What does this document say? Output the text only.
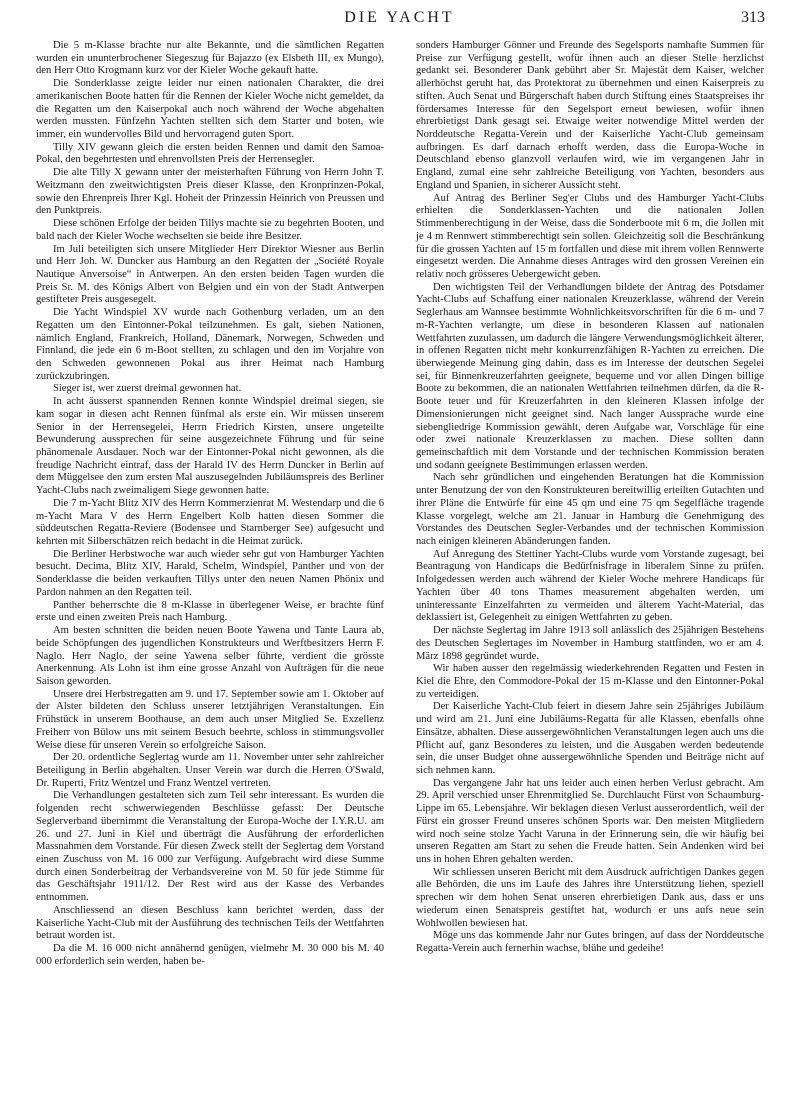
DIE YACHT	313

Die 5 m-Klasse brachte nur alte Bekannte, und die sämtlichen Regatten wurden ein ununterbrochener Siegeszug für Bajazzo (ex Elsbeth III, ex Mungo), den Herr Otto Krogmann kurz vor der Kieler Woche gekauft hatte.

Die Sonderklasse zeigte leider nur einen nationalen Charakter, die drei amerikanischen Boote hatten für die Rennen der Kieler Woche nicht gemeldet, da die Regatten um den Kaiserpokal auch noch während der Woche abgehalten werden mussten. Fünfzehn Yachten stellten sich dem Starter und boten, wie immer, ein wundervolles Bild und hervorragend guten Sport.

Tilly XIV gewann gleich die ersten beiden Rennen und damit den Samoa-Pokal, den begehrtesten und ehrenvollsten Preis der Herrensegler.

Die alte Tilly X gewann unter der meisterhaften Führung von Herrn John T. Weitzmann den zweitwichtigsten Preis dieser Klasse, den Kronprinzen-Pokal, sowie den Ehrenpreis Ihrer Kgl. Hoheit der Prinzessin Heinrich von Preussen und den Punktpreis.

Diese schönen Erfolge der beiden Tillys machte sie zu begehrten Booten, und bald nach der Kieler Woche wechselten sie beide ihre Besitzer.

Im Juli beteiligten sich unsere Mitglieder Herr Direktor Wiesner aus Berlin und Herr Joh. W. Duncker aus Hamburg an den Regatten der „Société Royale Nautique Anversoise“ in Antwerpen. An den ersten beiden Tagen wurden die Preis Sr. M. des Königs Albert von Belgien und ein von der Stadt Antwerpen gestifteter Preis ausgesegelt.

Die Yacht Windspiel XV wurde nach Gothenburg verladen, um an den Regatten um den Eintonner-Pokal teilzunehmen. Es galt, sieben Nationen, nämlich England, Frankreich, Holland, Dänemark, Norwegen, Schweden und Finnland, die jede ein 6 m-Boot stellten, zu schlagen und den im Vorjahre von den Schweden gewonnenen Pokal aus ihrer Heimat nach Hamburg zurückzubringen.

Sieger ist, wer zuerst dreimal gewonnen hat.

In acht äusserst spannenden Rennen konnte Windspiel dreimal siegen, sie kam sogar in diesen acht Rennen fünfmal als erste ein. Wir müssen unserem Senior in der Herrensegelei, Herrn Friedrich Kirsten, unsere ungeteilte Bewunderung aussprechen für seine ausgezeichnete Führung und für seine phänomenale Ausdauer. Noch war der Eintonner-Pokal nicht gewonnen, als die freudige Nachricht eintraf, dass der Harald IV des Herrn Duncker in Berlin auf dem Müggelsee den zum ersten Mal auszusegelnden Jubiläumspreis des Berliner Yacht-Clubs nach zweimaligem Siege gewonnen hatte.

Die 7 m-Yacht Blitz XIV des Herrn Kommerzienrat M. Westendarp und die 6 m-Yacht Mara V des Herrn Engelbert Kolb hatten diesen Sommer die süddeutschen Regatta-Reviere (Bodensee und Starnberger See) aufgesucht und kehrten mit Silberschätzen reich bedacht in die Heimat zurück.

Die Berliner Herbstwoche war auch wieder sehr gut von Hamburger Yachten besucht. Decima, Blitz XIV, Harald, Schelm, Windspiel, Panther und von der Sonderklasse die beiden verkauften Tillys unter den neuen Namen Phönix und Pardon nahmen an den Regatten teil.

Panther beherrschte die 8 m-Klasse in überlegener Weise, er brachte fünf erste und einen zweiten Preis nach Hamburg.

Am besten schnitten die beiden neuen Boote Yawena und Tante Laura ab, beide Schöpfungen des jugendlichen Konstrukteurs und Werftbesitzers Herrn F. Naglo. Herr Naglo, der seine Yawena selber führte, verdient die grösste Anerkennung. Als Lohn ist ihm eine grosse Anzahl von Aufträgen für die neue Saison geworden.

Unsere drei Herbstregatten am 9. und 17. September sowie am 1. Oktober auf der Alster bildeten den Schluss unserer letztjährigen Veranstaltungen. Ein Frühstück in unserem Boothause, an dem auch unser Mitglied Se. Exzellenz Freiherr von Bülow uns mit seinem Besuch beehrte, schloss in stimmungsvoller Weise diese für unseren Verein so erfolgreiche Saison.

Der 20. ordentliche Seglertag wurde am 11. November unter sehr zahlreicher Beteiligung in Berlin abgehalten. Unser Verein war durch die Herren O'Swald, Dr. Ruperti, Fritz Wentzel und Franz Wentzel vertreten.

Die Verhandlungen gestalteten sich zum Teil sehr interessant. Es wurden die folgenden recht schwerwiegenden Beschlüsse gefasst: Der Deutsche Seglerverband übernimmt die Veranstaltung der Europa-Woche der I.Y.R.U. am 26. und 27. Juni in Kiel und überträgt die Ausführung der erforderlichen Massnahmen dem Vorstande. Für diesen Zweck stellt der Seglertag dem Vorstand einen Zuschuss von M. 16 000 zur Verfügung. Aufgebracht wird diese Summe durch einen Sonderbeitrag der Verbandsvereine von M. 50 für jede Stimme für das Geschäftsjahr 1911/12. Der Rest wird aus der Kasse des Verbandes entnommen.

Anschliessend an diesen Beschluss kann berichtet werden, dass der Kaiserliche Yacht-Club mit der Ausführung des technischen Teils der Wettfahrten betraut worden ist.

Da die M. 16 000 nicht annähernd genügen, vielmehr M. 30 000 bis M. 40 000 erforderlich sein werden, haben be-

sonders Hamburger Gönner und Freunde des Segelsports namhafte Summen für Preise zur Verfügung gestellt, wofür ihnen auch an dieser Stelle herzlichst gedankt sei. Besonderer Dank gebührt aber Sr. Majestät dem Kaiser, welcher allerhöchst geruht hat, das Protektorat zu übernehmen und einen Kaiserpreis zu stiften. Auch Senat und Bürgerschaft haben durch Stiftung eines Staatspreises ihr fördersames Interesse für den Segelsport erneut bewiesen, wofür ihnen ehrerbietigst Dank gesagt sei. Etwaige weiter notwendige Mittel werden der Norddeutsche Regatta-Verein und der Kaiserliche Yacht-Club gemeinsam aufbringen. Es darf darnach erhofft werden, dass die Europa-Woche in Deutschland ebenso glanzvoll verlaufen wird, wie im vergangenen Jahr in England, zumal eine sehr zahlreiche Beteiligung von Yachten, besonders aus England und Spanien, in sicherer Aussicht steht.

Auf Antrag des Berliner Seg'er Clubs und des Hamburger Yacht-Clubs erhielten die Sonderklassen-Yachten und die nationalen Jollen Stimmenberechtigung in der Weise, dass die Sonderboote mit 6 m, die Jollen mit je 4 m Rennwert stimmberechtigt sein sollen. Gleichzeitig soll die Beschränkung für die grossen Yachten auf 15 m fortfallen und diese mit ihrem vollen Rennwerte eingesetzt werden. Die Annahme dieses Antrages wird den grossen Vereinen ein relativ noch grösseres Uebergewicht geben.

Den wichtigsten Teil der Verhandlungen bildete der Antrag des Potsdamer Yacht-Clubs auf Schaffung einer nationalen Kreuzerklasse, während der Verein Seglerhaus am Wannsee bestimmte Wohnlichkeitsvorschriften für die 6 m- und 7 m-R-Yachten verlangte, um diese in besonderen Klassen auf nationalen Wettfahrten zuzulassen, um dadurch die längere Verwendungsmöglichkeit älterer, in offenen Regatten nicht mehr konkurrenzfähigen R-Yachten zu erreichen. Die überwiegende Meinung ging dahin, dass es im Interesse der deutschen Segelei sei, für Binnenkreuzerfahrten geeignete, bequeme und vor allen Dingen billige Boote zu bekommen, die an nationalen Wettfahrten teilnehmen dürfen, da die R-Boote teuer und für Kreuzerfahrten in den kleineren Klassen infolge der Dimensionierungen nicht geeignet sind. Nach langer Aussprache wurde eine siebengliedrige Kommission gewählt, deren Aufgabe war, Vorschläge für eine oder zwei nationale Kreuzerklassen zu machen. Diese sollten dann gemeinschaftlich mit dem Vorstande und der technischen Kommission beraten und sodann geeignete Bestimmungen erlassen werden.

Nach sehr gründlichen und eingehenden Beratungen hat die Kommission unter Benutzung der von den Konstrukteuren bereitwillig erteilten Gutachten und ihrer Pläne die Entwürfe für eine 45 qm und eine 75 qm Segelfläche tragende Klasse vorgelegt, welche am 21. Januar in Hamburg die Genehmigung des Vorstandes des Deutschen Segler-Verbandes und der technischen Kommission nach einigen kleineren Abänderungen fanden.

Auf Anregung des Stettiner Yacht-Clubs wurde vom Vorstande zugesagt, bei Beantragung von Handicaps die Bedürfnisfrage in liberalem Sinne zu prüfen. Infolgedessen werden auch während der Kieler Woche mehrere Handicaps für Yachten über 40 tons Thames measurement abgehalten werden, um uninteressante Einzelfahrten zu vermeiden und älterem Yacht-Material, das deklassiert ist, Gelegenheit zu einigen Wettfahrten zu geben.

Der nächste Seglertag im Jahre 1913 soll anlässlich des 25jährigen Bestehens des Deutschen Seglertages im November in Hamburg stattfinden, wo er am 4. März 1898 gegründet wurde.

Wir haben ausser den regelmässig wiederkehrenden Regatten und Festen in Kiel die Ehre, den Commodore-Pokal der 15 m-Klasse und den Eintonner-Pokal zu verteidigen.

Der Kaiserliche Yacht-Club feiert in diesem Jahre sein 25jähriges Jubiläum und wird am 21. Juni eine Jubiläums-Regatta für alle Klassen, ebenfalls ohne Einsätze, abhalten. Diese aussergewöhnlichen Veranstaltungen legen auch uns die Pflicht auf, ganz Besonderes zu leisten, und die Ausgaben werden bedeutende sein, die unser Budget ohne aussergewöhnliche Spenden und Beiträge nicht auf sich nehmen kann.

Das vergangene Jahr hat uns leider auch einen herben Verlust gebracht. Am 29. April verschied unser Ehrenmitglied Se. Durchlaucht Fürst von Schaumburg-Lippe im 65. Lebensjahre. Wir beklagen diesen Verlust ausserordentlich, weil der Fürst ein grosser Freund unseres schönen Sports war. Den meisten Mitgliedern wird noch seine stolze Yacht Varuna in der Erinnerung sein, die wir häufig bei unseren Regatten am Start zu sehen die Freude hatten. Sein Andenken wird bei uns in hohen Ehren gehalten werden.

Wir schliessen unseren Bericht mit dem Ausdruck aufrichtigen Dankes gegen alle Behörden, die uns im Laufe des Jahres ihre Unterstützung liehen, speziell sprechen wir dem hohen Senat unseren ehrerbietigen Dank aus, dass er uns wiederum einen Senatspreis gestiftet hat, wodurch er uns aufs neue sein Wohlwollen bewiesen hat.

Möge uns das kommende Jahr nur Gutes bringen, auf dass der Norddeutsche Regatta-Verein auch fernerhin wachse, blühe und gedeihe!
